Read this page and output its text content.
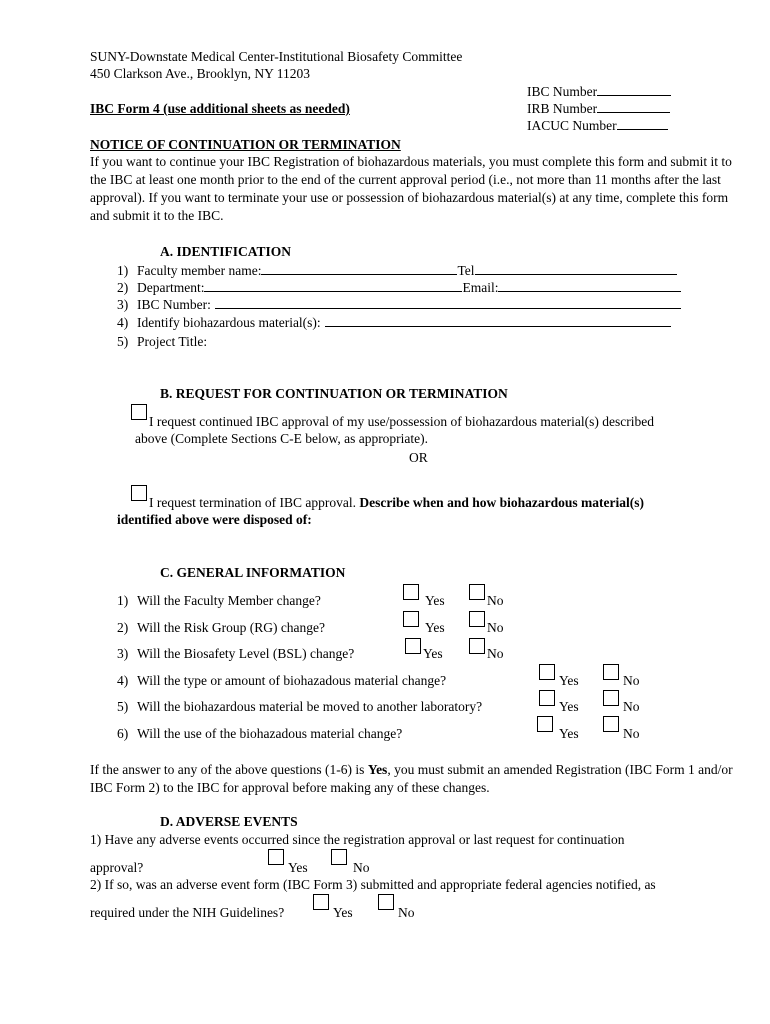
SUNY-Downstate Medical Center-Institutional Biosafety Committee
450 Clarkson Ave., Brooklyn, NY 11203
IBC Form 4 (use additional sheets as needed)
IBC Number
IRB Number
IACUC Number
NOTICE OF CONTINUATION OR TERMINATION
If you want to continue your IBC Registration of biohazardous materials, you must complete this form and submit it to the IBC at least one month prior to the end of the current approval period (i.e., not more than 11 months after the last approval). If you want to terminate your use or possession of biohazardous material(s) at any time, complete this form and submit it to the IBC.
A. IDENTIFICATION
1) Faculty member name:	Tel
2) Department:	Email:
3) IBC Number:
4) Identify biohazardous material(s):
5) Project Title:
B. REQUEST FOR CONTINUATION OR TERMINATION
I request continued IBC approval of my use/possession of biohazardous material(s) described
above (Complete Sections C-E below, as appropriate).
OR
I request termination of IBC approval. Describe when and how biohazardous material(s)
identified above were disposed of:
C. GENERAL INFORMATION
1) Will the Faculty Member change?	Yes	No
2) Will the Risk Group (RG) change?	Yes	No
3) Will the Biosafety Level (BSL) change?	Yes	No
4) Will the type or amount of biohazadous material change?	Yes	No
5) Will the biohazardous material be moved to another laboratory?	Yes	No
6) Will the use of the biohazadous material change?	Yes	No
If the answer to any of the above questions (1-6) is Yes, you must submit an amended Registration (IBC Form 1 and/or IBC Form 2) to the IBC for approval before making any of these changes.
D. ADVERSE EVENTS
1) Have any adverse events occurred since the registration approval or last request for continuation
approval?	Yes	No
2) If so, was an adverse event form (IBC Form 3) submitted and appropriate federal agencies notified, as
required under the NIH Guidelines?	Yes	No
